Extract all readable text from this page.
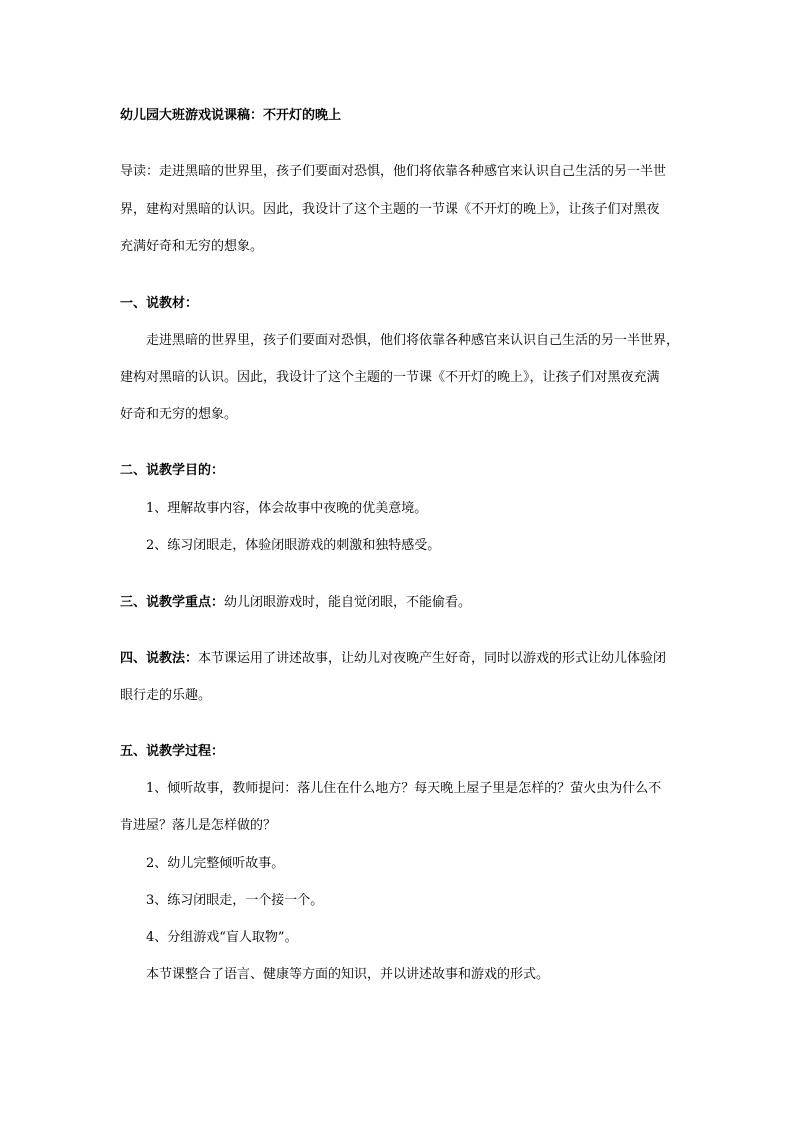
幼儿园大班游戏说课稿：不开灯的晚上
导读：走进黑暗的世界里，孩子们要面对恐惧，他们将依靠各种感官来认识自己生活的另一半世
界，建构对黑暗的认识。因此，我设计了这个主题的一节课《不开灯的晚上》，让孩子们对黑夜
充满好奇和无穷的想象。
一、说教材：
走进黑暗的世界里，孩子们要面对恐惧，他们将依靠各种感官来认识自己生活的另一半世界，
建构对黑暗的认识。因此，我设计了这个主题的一节课《不开灯的晚上》，让孩子们对黑夜充满
好奇和无穷的想象。
二、说教学目的：
1、理解故事内容，体会故事中夜晚的优美意境。
2、练习闭眼走，体验闭眼游戏的刺激和独特感受。
三、说教学重点：幼儿闭眼游戏时，能自觉闭眼，不能偷看。
四、说教法：本节课运用了讲述故事，让幼儿对夜晚产生好奇，同时以游戏的形式让幼儿体验闭
眼行走的乐趣。
五、说教学过程：
1、倾听故事，教师提问：落儿住在什么地方？每天晚上屋子里是怎样的？萤火虫为什么不
肯进屋？落儿是怎样做的？
2、幼儿完整倾听故事。
3、练习闭眼走，一个接一个。
4、分组游戏“盲人取物”。
本节课整合了语言、健康等方面的知识，并以讲述故事和游戏的形式。
